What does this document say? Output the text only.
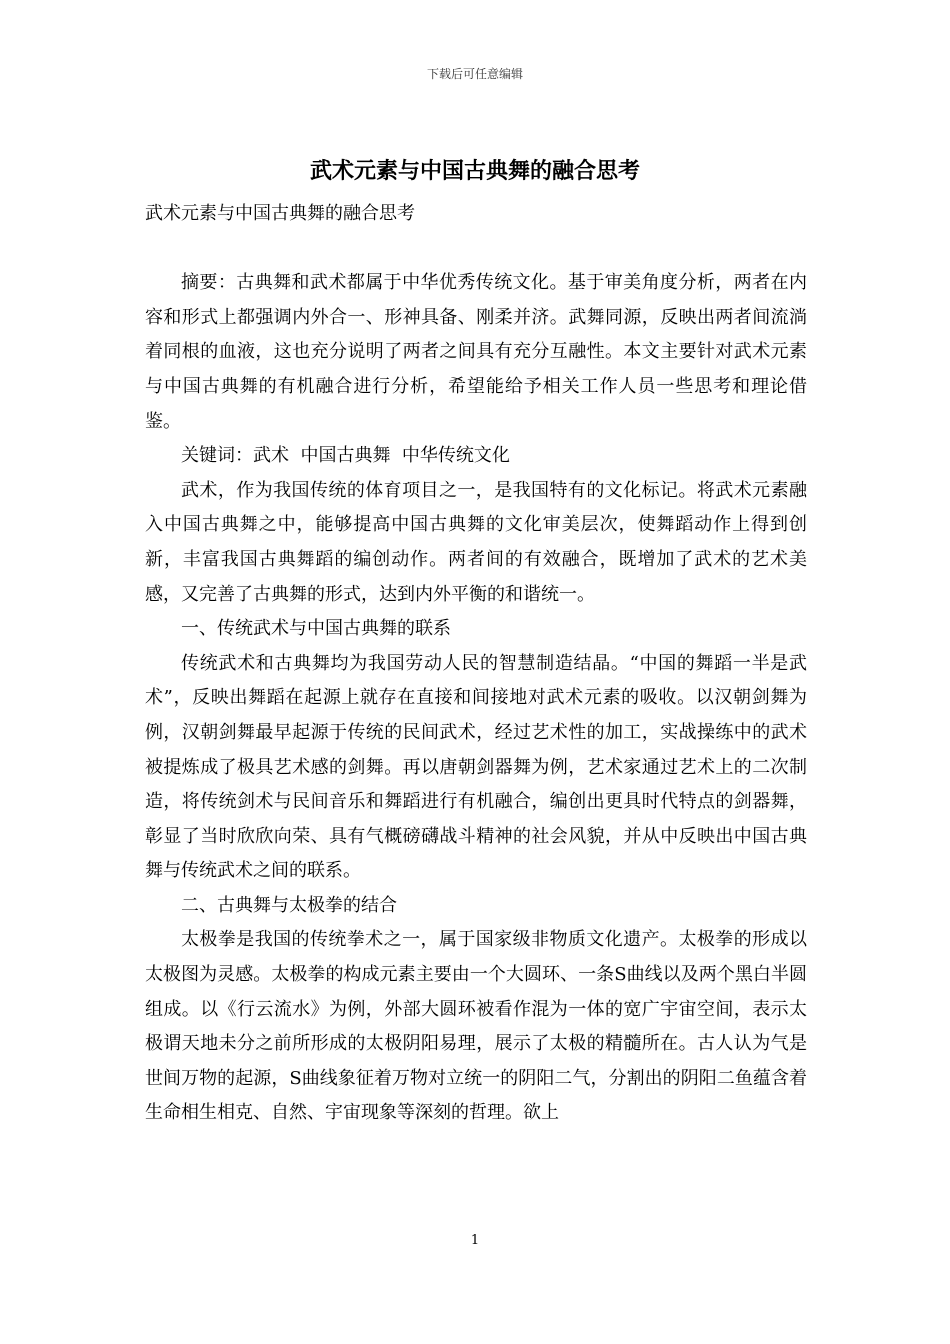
下载后可任意编辑
武术元素与中国古典舞的融合思考

武术元素与中国古典舞的融合思考

摘要：古典舞和武术都属于中华优秀传统文化。基于审美角度分析，两者在内容和形式上都强调内外合一、形神具备、刚柔并济。武舞同源，反映出两者间流淌着同根的血液，这也充分说明了两者之间具有充分互融性。本文主要针对武术元素与中国古典舞的有机融合进行分析，希望能给予相关工作人员一些思考和理论借鉴。

关键词：武术  中国古典舞  中华传统文化

武术，作为我国传统的体育项目之一，是我国特有的文化标记。将武术元素融入中国古典舞之中，能够提高中国古典舞的文化审美层次，使舞蹈动作上得到创新，丰富我国古典舞蹈的编创动作。两者间的有效融合，既增加了武术的艺术美感，又完善了古典舞的形式，达到内外平衡的和谐统一。

一、传统武术与中国古典舞的联系

传统武术和古典舞均为我国劳动人民的智慧制造结晶。“中国的舞蹈一半是武术”，反映出舞蹈在起源上就存在直接和间接地对武术元素的吸收。以汉朝剑舞为例，汉朝剑舞最早起源于传统的民间武术，经过艺术性的加工，实战操练中的武术被提炼成了极具艺术感的剑舞。再以唐朝剑器舞为例，艺术家通过艺术上的二次制造，将传统剑术与民间音乐和舞蹈进行有机融合，编创出更具时代特点的剑器舞，彰显了当时欣欣向荣、具有气概磅礴战斗精神的社会风貌，并从中反映出中国古典舞与传统武术之间的联系。

二、古典舞与太极拳的结合

太极拳是我国的传统拳术之一，属于国家级非物质文化遗产。太极拳的形成以太极图为灵感。太极拳的构成元素主要由一个大圆环、一条S曲线以及两个黑白半圆组成。以《行云流水》为例，外部大圆环被看作混为一体的宽广宇宙空间，表示太极谓天地未分之前所形成的太极阴阳易理，展示了太极的精髓所在。古人认为气是世间万物的起源，S曲线象征着万物对立统一的阴阳二气，分割出的阴阳二鱼蕴含着生命相生相克、自然、宇宙现象等深刻的哲理。欲上

1
